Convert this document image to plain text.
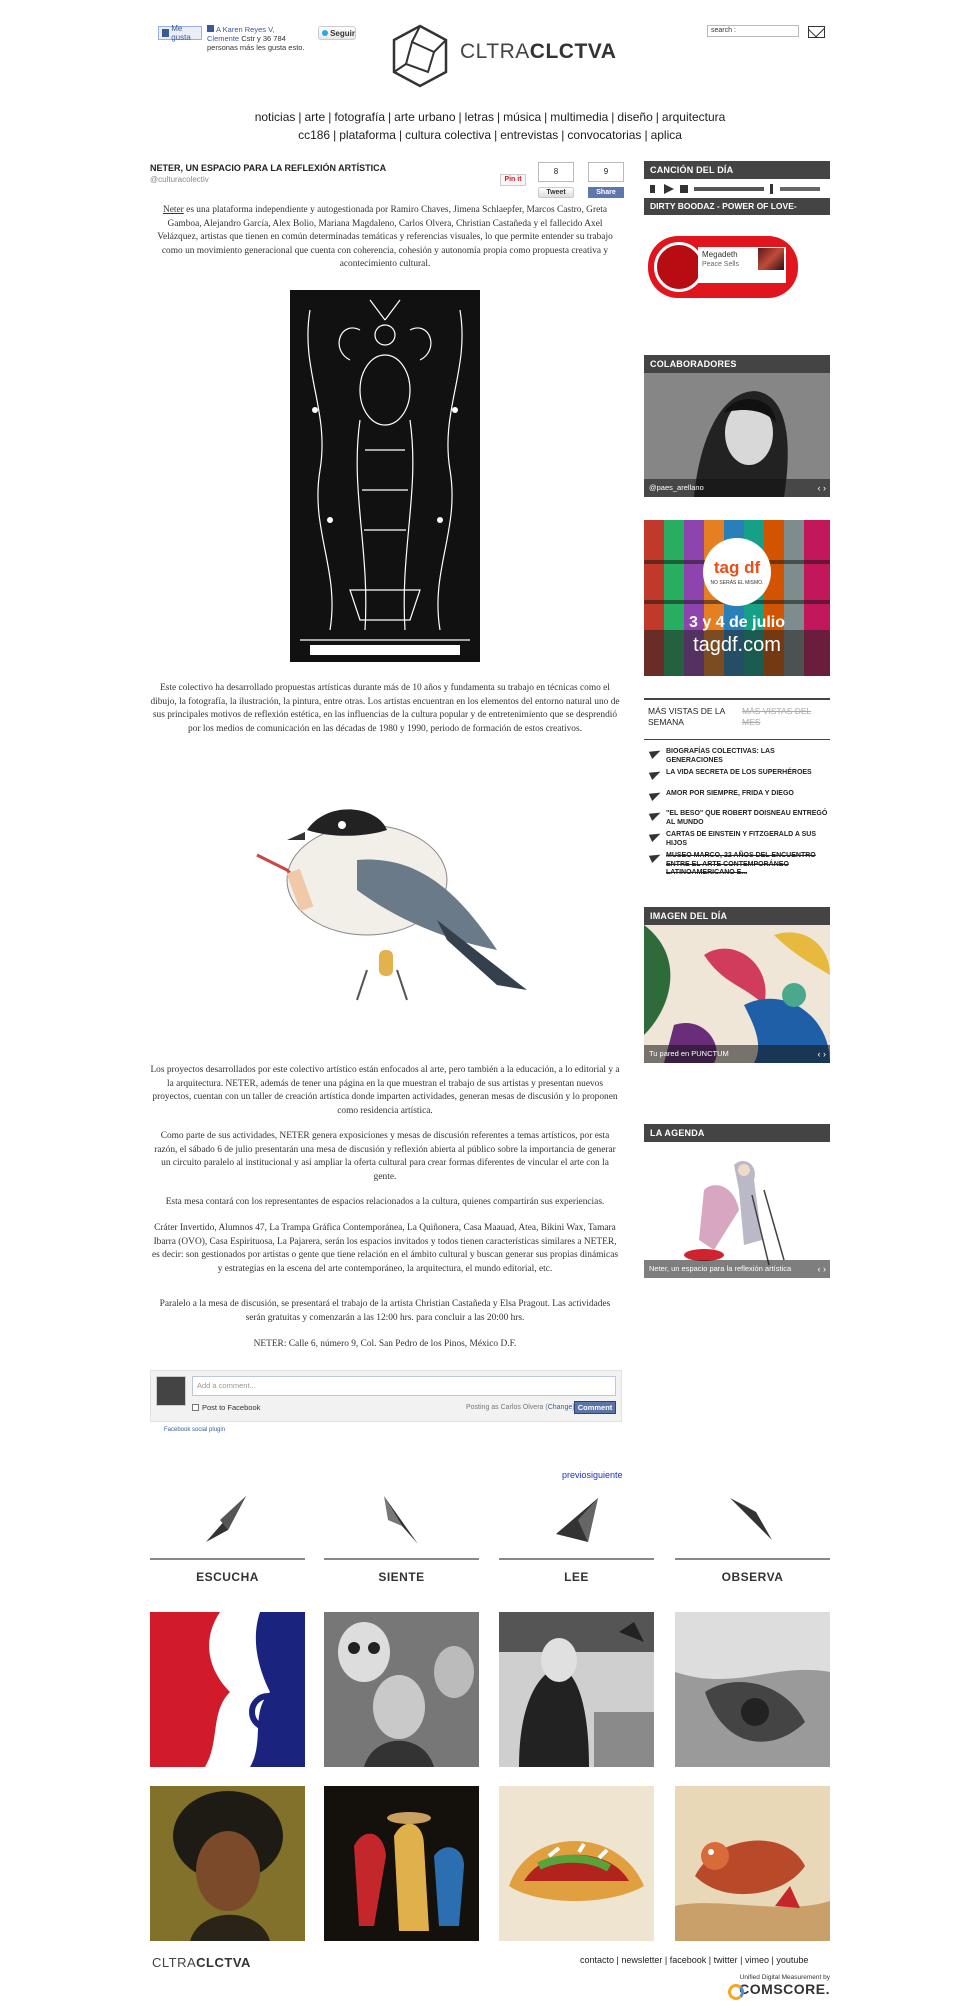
Me gusta
A Karen Reyes V, Clemente Cstr y 36 784 personas más les gusta esto.
Seguir
CLTRACLCTVA
search :
noticias | arte | fotografía | arte urbano | letras | música | multimedia | diseño | arquitectura
cc186 | plataforma | cultura colectiva | entrevistas | convocatorias | aplica
NETER, UN ESPACIO PARA LA REFLEXIÓN ARTÍSTICA
@culturacolectiv	Pin it
8
Tweet
9
Share
Neter es una plataforma independiente y autogestionada por Ramiro Chaves, Jimena Schlaepfer, Marcos Castro, Greta Gamboa, Alejandro García, Alex Bolio, Mariana Magdaleno, Carlos Olvera, Christian Castañeda y el fallecido Axel Velázquez, artistas que tienen en común determinadas temáticas y referencias visuales, lo que permite entender su trabajo como un movimiento generacional que cuenta con coherencia, cohesión y autonomía propia como propuesta creativa y acontecimiento cultural.
Este colectivo ha desarrollado propuestas artísticas durante más de 10 años y fundamenta su trabajo en técnicas como el dibujo, la fotografía, la ilustración, la pintura, entre otras. Los artistas encuentran en los elementos del entorno natural uno de sus principales motivos de reflexión estética, en las influencias de la cultura popular y de entretenimiento que se desprendió por los medios de comunicación en las décadas de 1980 y 1990, periodo de formación de estos creativos.
Los proyectos desarrollados por este colectivo artístico están enfocados al arte, pero también a la educación, a lo editorial y a la arquitectura. NETER, además de tener una página en la que muestran el trabajo de sus artistas y presentan nuevos proyectos, cuentan con un taller de creación artística donde imparten actividades, generan mesas de discusión y lo proponen como residencia artística.
Como parte de sus actividades, NETER genera exposiciones y mesas de discusión referentes a temas artísticos, por esta razón, el sábado 6 de julio presentarán una mesa de discusión y reflexión abierta al público sobre la importancia de generar un circuito paralelo al institucional y así ampliar la oferta cultural para crear formas diferentes de vincular el arte con la gente.
Esta mesa contará con los representantes de espacios relacionados a la cultura, quienes compartirán sus experiencias.
Cráter Invertido, Alumnos 47, La Trampa Gráfica Contemporánea, La Quiñonera, Casa Maauad, Atea, Bikini Wax, Tamara Ibarra (OVO), Casa Espirituosa, La Pajarera, serán los espacios invitados y todos tienen características similares a NETER, es decir: son gestionados por artistas o gente que tiene relación en el ámbito cultural y buscan generar sus propias dinámicas y estrategias en la escena del arte contemporáneo, la arquitectura, el mundo editorial, etc.
Paralelo a la mesa de discusión, se presentará el trabajo de la artista Christian Castañeda y Elsa Pragout. Las actividades serán gratuitas y comenzarán a las 12:00 hrs. para concluir a las 20:00 hrs.
NETER: Calle 6, número 9, Col. San Pedro de los Pinos, México D.F.
Add a comment...
Post to Facebook	Posting as Carlos Olvera (Change Comment
Facebook social plugin
CANCIÓN DEL DÍA
DIRTY BOODAZ - POWER OF LOVE-
Megadeth
Peace Sells
COLABORADORES
@paes_arellano	‹ ›
tag df
NO SERÁS EL MISMO.
3 y 4 de julio
tagdf.com
MÁS VISTAS DE LA SEMANA
MÁS VISTAS DEL MES
BIOGRAFÍAS COLECTIVAS: LAS GENERACIONES
LA VIDA SECRETA DE LOS SUPERHÉROES
AMOR POR SIEMPRE, FRIDA Y DIEGO
"EL BESO" QUE ROBERT DOISNEAU ENTREGÓ AL MUNDO
CARTAS DE EINSTEIN Y FITZGERALD A SUS HIJOS
MUSEO MARCO, 22 AÑOS DEL ENCUENTRO ENTRE EL ARTE CONTEMPORÁNEO LATINOAMERICANO E...
IMAGEN DEL DÍA
Tu pared en PUNCTUM	‹ ›
LA AGENDA
Neter, un espacio para la reflexión artística	‹ ›
previosiguiente
ESCUCHA	SIENTE	LEE	OBSERVA
CLTRACLCTVA	contacto | newsletter | facebook | twitter | vimeo | youtube
Unified Digital Measurement by
COMSCORE.
